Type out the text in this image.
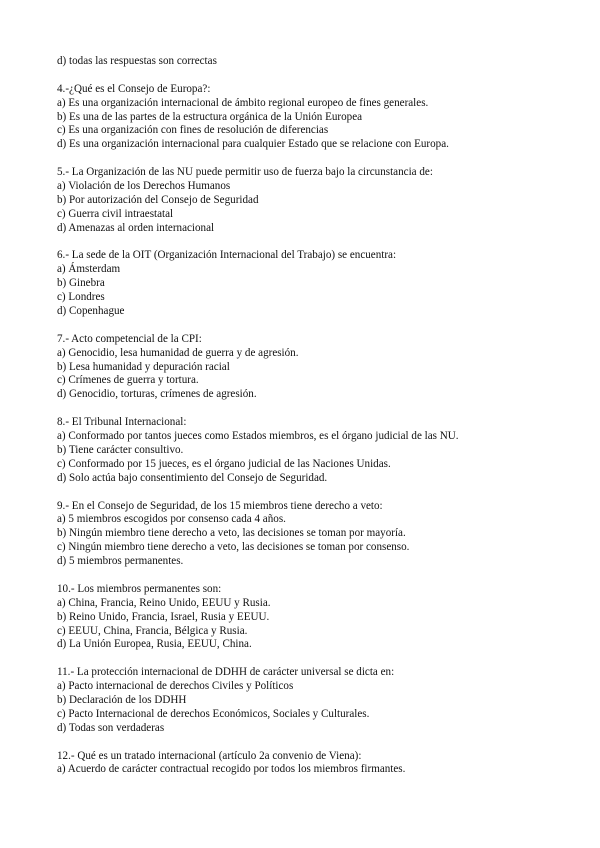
d) todas las respuestas son correctas
4.-¿Qué es el Consejo de Europa?:
a) Es una organización internacional de ámbito regional europeo de fines generales.
b) Es una de las partes de la estructura orgánica de la Unión Europea
c) Es una organización con fines de resolución de diferencias
d) Es una organización internacional para cualquier Estado que se relacione con Europa.
5.- La Organización de las NU puede permitir uso de fuerza bajo la circunstancia de:
a) Violación de los Derechos Humanos
b) Por autorización del Consejo de Seguridad
c) Guerra civil intraestatal
d) Amenazas al orden internacional
6.- La sede de la OIT (Organización Internacional del Trabajo) se encuentra:
a) Ámsterdam
b) Ginebra
c) Londres
d) Copenhague
7.- Acto competencial de la CPI:
a) Genocidio, lesa humanidad de guerra y de agresión.
b) Lesa humanidad y depuración racial
c) Crímenes de guerra y tortura.
d) Genocidio, torturas, crímenes de agresión.
8.- El Tribunal Internacional:
a) Conformado por tantos jueces como Estados miembros, es el órgano judicial de las NU.
b) Tiene carácter consultivo.
c) Conformado por 15 jueces, es el órgano judicial de las Naciones Unidas.
d) Solo actúa bajo consentimiento del Consejo de Seguridad.
9.- En el Consejo de Seguridad, de los 15 miembros tiene derecho a veto:
a) 5 miembros escogidos por consenso cada 4 años.
b) Ningún miembro tiene derecho a veto, las decisiones se toman por mayoría.
c) Ningún miembro tiene derecho a veto, las decisiones se toman por consenso.
d) 5 miembros permanentes.
10.- Los miembros permanentes son:
a) China, Francia, Reino Unido, EEUU y Rusia.
b) Reino Unido, Francia, Israel, Rusia y EEUU.
c) EEUU, China, Francia, Bélgica y Rusia.
d) La Unión Europea, Rusia, EEUU, China.
11.- La protección internacional de DDHH de carácter universal se dicta en:
a) Pacto internacional de derechos Civiles y Políticos
b) Declaración de los DDHH
c) Pacto Internacional de derechos Económicos, Sociales y Culturales.
d) Todas son verdaderas
12.- Qué es un tratado internacional (artículo 2a convenio de Viena):
a) Acuerdo de carácter contractual recogido por todos los miembros firmantes.
